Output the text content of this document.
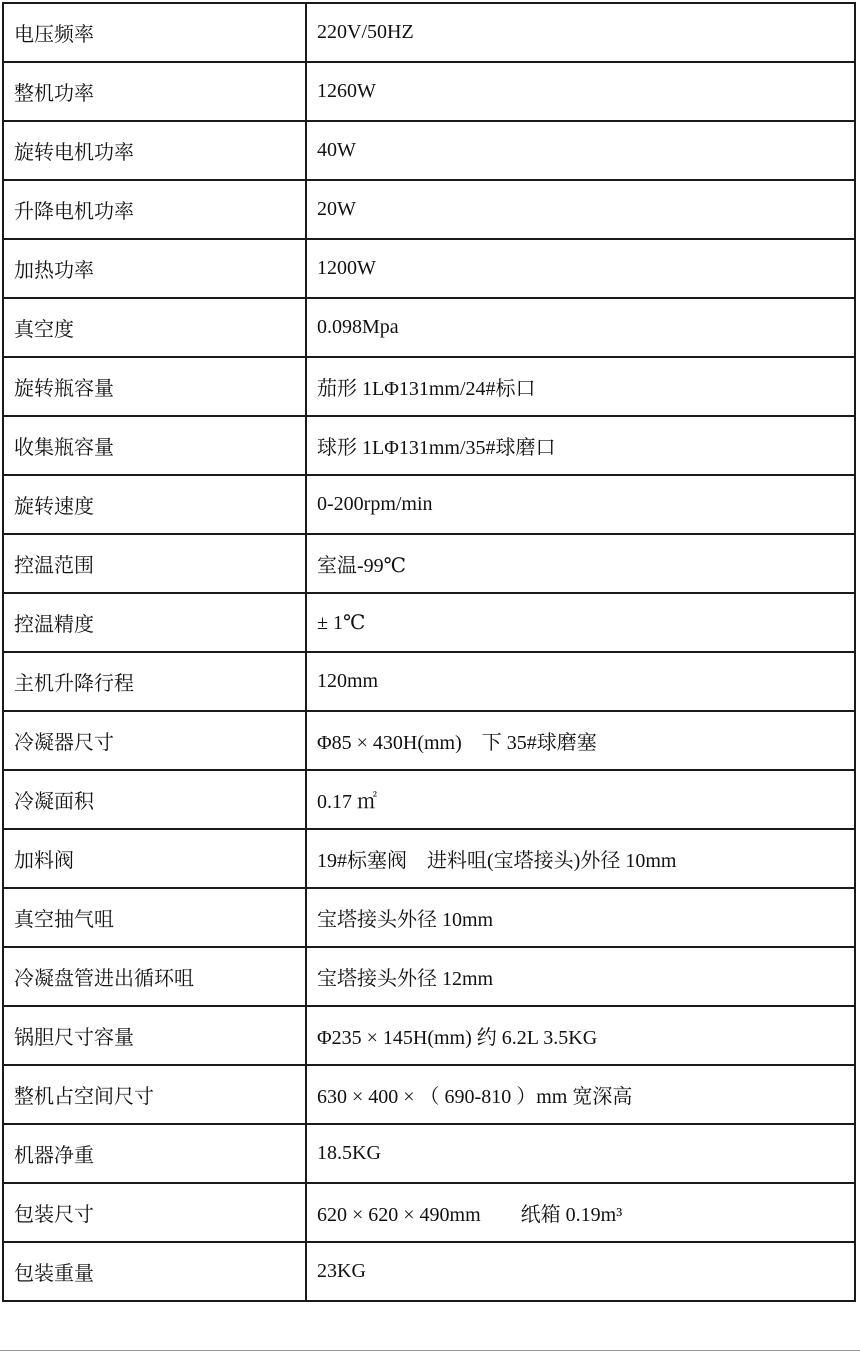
电压频率	220V/50HZ
整机功率	1260W
旋转电机功率	40W
升降电机功率	20W
加热功率	1200W
真空度	0.098Mpa
旋转瓶容量	茄形 1LΦ131mm/24#标口
收集瓶容量	球形 1LΦ131mm/35#球磨口
旋转速度	0-200rpm/min
控温范围	室温-99℃
控温精度	± 1℃
主机升降行程	120mm
冷凝器尺寸	Φ85 × 430H(mm)　下 35#球磨塞
冷凝面积	0.17 ㎡
加料阀	19#标塞阀　进料咀(宝塔接头)外径 10mm
真空抽气咀	宝塔接头外径 10mm
冷凝盘管进出循环咀	宝塔接头外径 12mm
锅胆尺寸容量	Φ235 × 145H(mm) 约 6.2L 3.5KG
整机占空间尺寸	630 × 400 × （ 690-810 ）mm 宽深高
机器净重	18.5KG
包装尺寸	620 × 620 × 490mm　　纸箱 0.19m³
包装重量	23KG
